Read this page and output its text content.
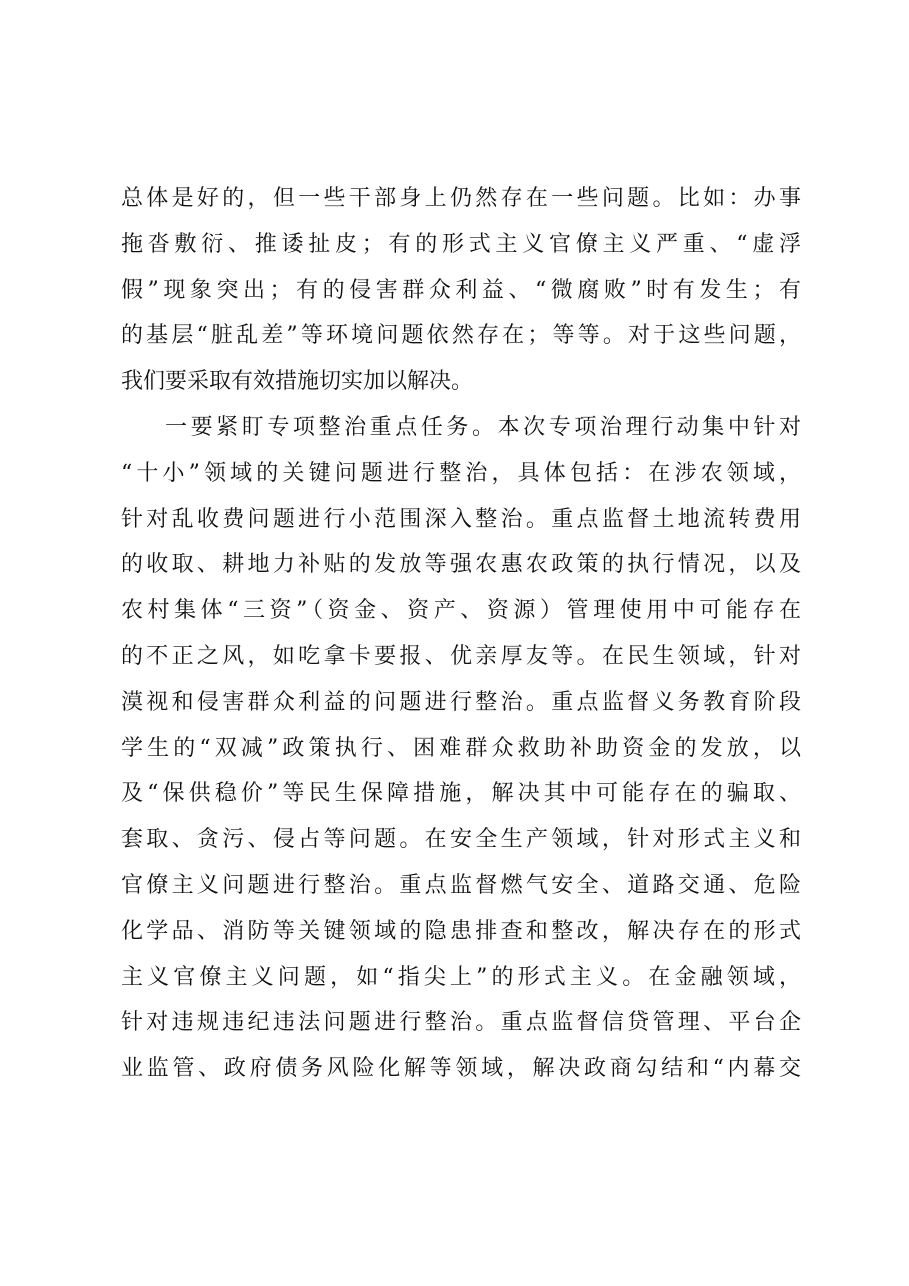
总体是好的，但一些干部身上仍然存在一些问题。比如：办事
拖沓敷衍、推诿扯皮；有的形式主义官僚主义严重、“虚浮
假”现象突出；有的侵害群众利益、“微腐败”时有发生；有
的基层“脏乱差”等环境问题依然存在；等等。对于这些问题，
我们要采取有效措施切实加以解决。
一要紧盯专项整治重点任务。本次专项治理行动集中针对
“十小”领域的关键问题进行整治，具体包括：在涉农领域，
针对乱收费问题进行小范围深入整治。重点监督土地流转费用
的收取、耕地力补贴的发放等强农惠农政策的执行情况，以及
农村集体“三资”（资金、资产、资源）管理使用中可能存在
的不正之风，如吃拿卡要报、优亲厚友等。在民生领域，针对
漠视和侵害群众利益的问题进行整治。重点监督义务教育阶段
学生的“双减”政策执行、困难群众救助补助资金的发放，以
及“保供稳价”等民生保障措施，解决其中可能存在的骗取、
套取、贪污、侵占等问题。在安全生产领域，针对形式主义和
官僚主义问题进行整治。重点监督燃气安全、道路交通、危险
化学品、消防等关键领域的隐患排查和整改，解决存在的形式
主义官僚主义问题，如“指尖上”的形式主义。在金融领域，
针对违规违纪违法问题进行整治。重点监督信贷管理、平台企
业监管、政府债务风险化解等领域，解决政商勾结和“内幕交
